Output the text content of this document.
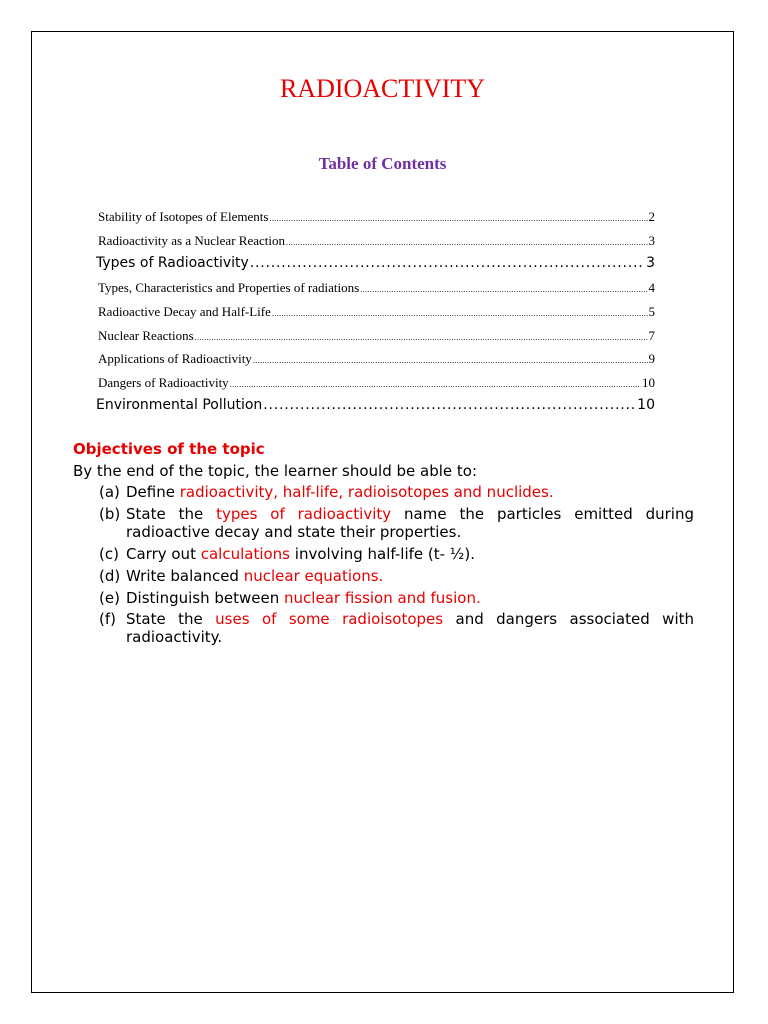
RADIOACTIVITY
Table of Contents
Stability of Isotopes of Elements .....	2
Radioactivity as a Nuclear Reaction .....	3
Types of Radioactivity .....	3
Types, Characteristics and Properties of radiations .....	4
Radioactive Decay and Half-Life .....	5
Nuclear Reactions .....	7
Applications of Radioactivity .....	9
Dangers of Radioactivity .....	10
Environmental Pollution .....	10
Objectives of the topic
By the end of the topic, the learner should be able to:
(a) Define radioactivity, half-life, radioisotopes and nuclides.
(b) State the types of radioactivity name the particles emitted during
radioactive decay and state their properties.
(c) Carry out calculations involving half-life (t- ½).
(d) Write balanced nuclear equations.
(e) Distinguish between nuclear fission and fusion.
(f) State the uses of some radioisotopes and dangers associated with
radioactivity.
